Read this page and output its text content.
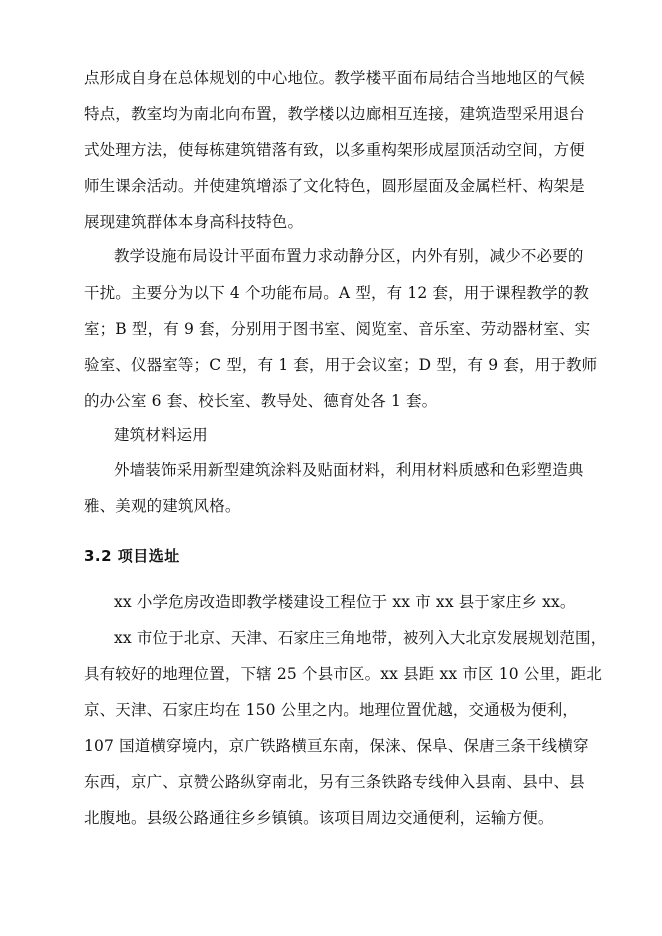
点形成自身在总体规划的中心地位。教学楼平面布局结合当地地区的气候
特点，教室均为南北向布置，教学楼以边廊相互连接，建筑造型采用退台
式处理方法，使每栋建筑错落有致，以多重构架形成屋顶活动空间，方便
师生课余活动。并使建筑增添了文化特色，圆形屋面及金属栏杆、构架是
展现建筑群体本身高科技特色。
教学设施布局设计平面布置力求动静分区，内外有别，减少不必要的
干扰。主要分为以下 4 个功能布局。A 型，有 12 套，用于课程教学的教
室；B 型，有 9 套，分别用于图书室、阅览室、音乐室、劳动器材室、实
验室、仪器室等；C 型，有 1 套，用于会议室；D 型，有 9 套，用于教师
的办公室 6 套、校长室、教导处、德育处各 1 套。
建筑材料运用
外墙装饰采用新型建筑涂料及贴面材料，利用材料质感和色彩塑造典
雅、美观的建筑风格。
3.2 项目选址
xx 小学危房改造即教学楼建设工程位于 xx 市 xx 县于家庄乡 xx。
xx 市位于北京、天津、石家庄三角地带，被列入大北京发展规划范围，
具有较好的地理位置，下辖 25 个县市区。xx 县距 xx 市区 10 公里，距北
京、天津、石家庄均在 150 公里之内。地理位置优越，交通极为便利，
107 国道横穿境内，京广铁路横亘东南，保涞、保阜、保唐三条干线横穿
东西，京广、京赞公路纵穿南北，另有三条铁路专线伸入县南、县中、县
北腹地。县级公路通往乡乡镇镇。该项目周边交通便利，运输方便。
